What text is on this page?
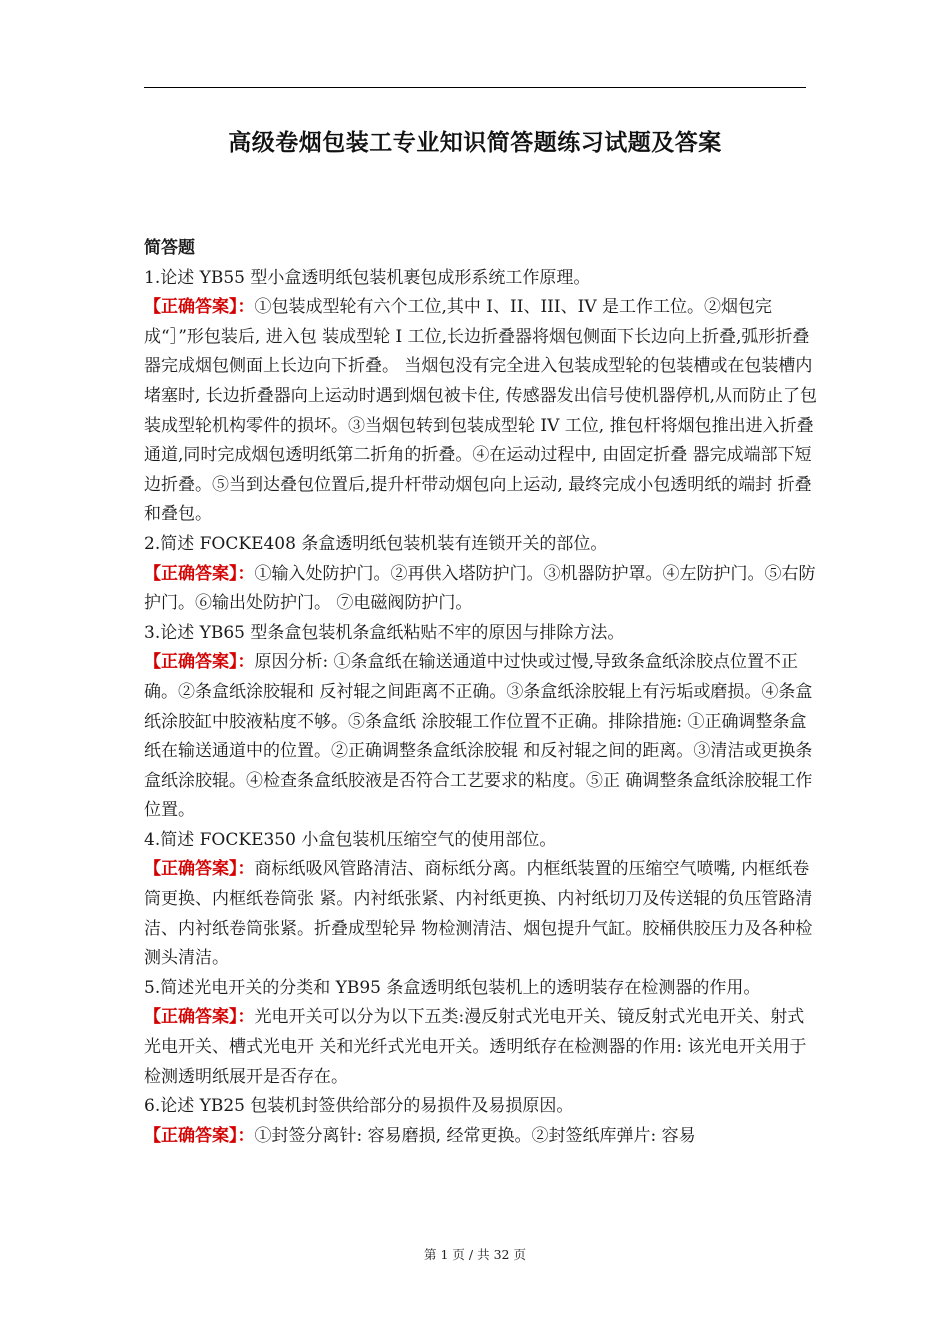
高级卷烟包装工专业知识简答题练习试题及答案

简答题

1.论述 YB55 型小盒透明纸包装机裹包成形系统工作原理。

【正确答案】：①包装成型轮有六个工位,其中 I、II、III、IV 是工作工位。②烟包完成“］”形包装后, 进入包 装成型轮 I 工位,长边折叠器将烟包侧面下长边向上折叠,弧形折叠器完成烟包侧面上长边向下折叠。 当烟包没有完全进入包装成型轮的包装槽或在包装槽内堵塞时, 长边折叠器向上运动时遇到烟包被卡住, 传感器发出信号使机器停机,从而防止了包装成型轮机构零件的损坏。③当烟包转到包装成型轮 IV 工位, 推包杆将烟包推出进入折叠通道,同时完成烟包透明纸第二折角的折叠。④在运动过程中, 由固定折叠 器完成端部下短边折叠。⑤当到达叠包位置后,提升杆带动烟包向上运动, 最终完成小包透明纸的端封 折叠和叠包。

2.简述 FOCKE408 条盒透明纸包装机装有连锁开关的部位。

【正确答案】：①输入处防护门。②再供入塔防护门。③机器防护罩。④左防护门。⑤右防护门。⑥输出处防护门。 ⑦电磁阀防护门。

3.论述 YB65 型条盒包装机条盒纸粘贴不牢的原因与排除方法。

【正确答案】：原因分析: ①条盒纸在输送通道中过快或过慢,导致条盒纸涂胶点位置不正确。②条盒纸涂胶辊和 反衬辊之间距离不正确。③条盒纸涂胶辊上有污垢或磨损。④条盒纸涂胶缸中胶液粘度不够。⑤条盒纸 涂胶辊工作位置不正确。排除措施: ①正确调整条盒纸在输送通道中的位置。②正确调整条盒纸涂胶辊 和反衬辊之间的距离。③清洁或更换条盒纸涂胶辊。④检查条盒纸胶液是否符合工艺要求的粘度。⑤正 确调整条盒纸涂胶辊工作位置。

4.简述 FOCKE350 小盒包装机压缩空气的使用部位。

【正确答案】：商标纸吸风管路清洁、商标纸分离。内框纸装置的压缩空气喷嘴, 内框纸卷筒更换、内框纸卷筒张 紧。内衬纸张紧、内衬纸更换、内衬纸切刀及传送辊的负压管路清洁、内衬纸卷筒张紧。折叠成型轮异 物检测清洁、烟包提升气缸。胶桶供胶压力及各种检测头清洁。

5.简述光电开关的分类和 YB95 条盒透明纸包装机上的透明装存在检测器的作用。

【正确答案】：光电开关可以分为以下五类:漫反射式光电开关、镜反射式光电开关、射式光电开关、槽式光电开 关和光纤式光电开关。透明纸存在检测器的作用: 该光电开关用于检测透明纸展开是否存在。

6.论述 YB25 包装机封签供给部分的易损件及易损原因。

【正确答案】：①封签分离针: 容易磨损, 经常更换。②封签纸库弹片: 容易

第 1 页 / 共 32 页
